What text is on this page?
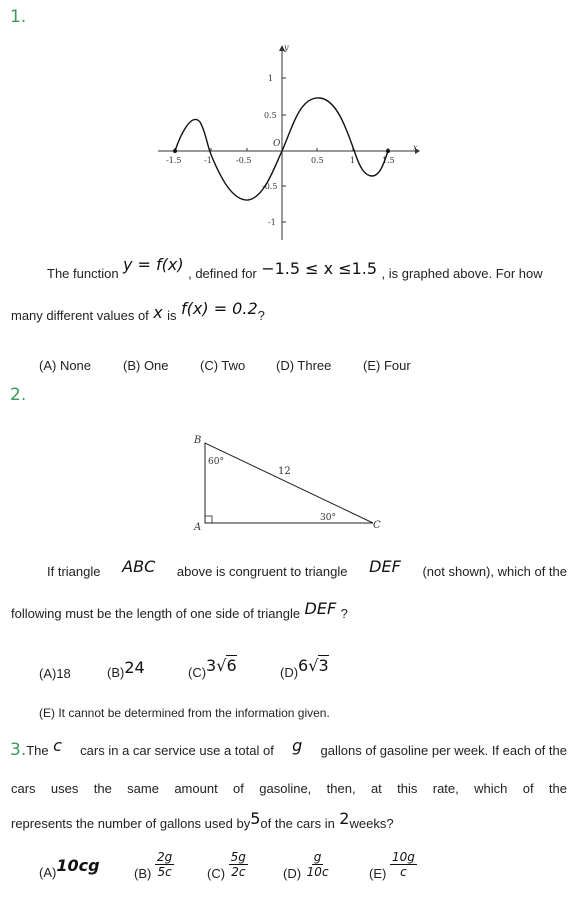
1.
x
y
O
-1.5	-1	-0.5	0.5	1	1.5
1
0.5
-0.5
-1
The function y = f(x) , defined for −1.5 ≤ x ≤1.5 , is graphed above. For how
many different values of x is f(x) = 0.2?
(A) None (B) One (C) Two (D) Three (E) Four
2.
B
A	C
60°
30°
12
If triangle ABC above is congruent to triangle DEF (not shown), which of the
following must be the length of one side of triangle DEF ?
(A)18	(B)24	(C)3√6	(D)6√3
(E) It cannot be determined from the information given.
3.The c cars in a car service use a total of g gallons of gasoline per week. If each of the
cars uses the same amount of gasoline, then, at this rate, which of the
represents the number of gallons used by5of the cars in 2weeks?
(A)10cg	$(B) \frac{2g}{5c}$	$(C) \frac{5g}{2c}$	$(D) \frac{g}{10c}$	$(E) \frac{10g}{c}$
